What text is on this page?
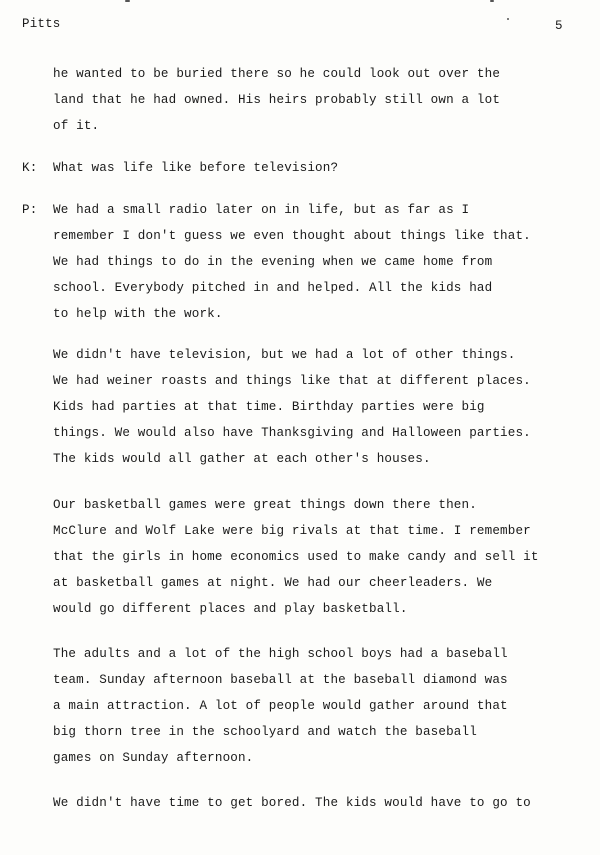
Pitts	5
he wanted to be buried there so he could look out over the
land that he had owned. His heirs probably still own a lot
of it.
K: What was life like before television?
P: We had a small radio later on in life, but as far as I
remember I don't guess we even thought about things like that.
We had things to do in the evening when we came home from
school. Everybody pitched in and helped. All the kids had
to help with the work.
We didn't have television, but we had a lot of other things.
We had weiner roasts and things like that at different places.
Kids had parties at that time. Birthday parties were big
things. We would also have Thanksgiving and Halloween parties.
The kids would all gather at each other's houses.
Our basketball games were great things down there then.
McClure and Wolf Lake were big rivals at that time. I remember
that the girls in home economics used to make candy and sell it
at basketball games at night. We had our cheerleaders. We
would go different places and play basketball.
The adults and a lot of the high school boys had a baseball
team. Sunday afternoon baseball at the baseball diamond was
a main attraction. A lot of people would gather around that
big thorn tree in the schoolyard and watch the baseball
games on Sunday afternoon.
We didn't have time to get bored. The kids would have to go to
